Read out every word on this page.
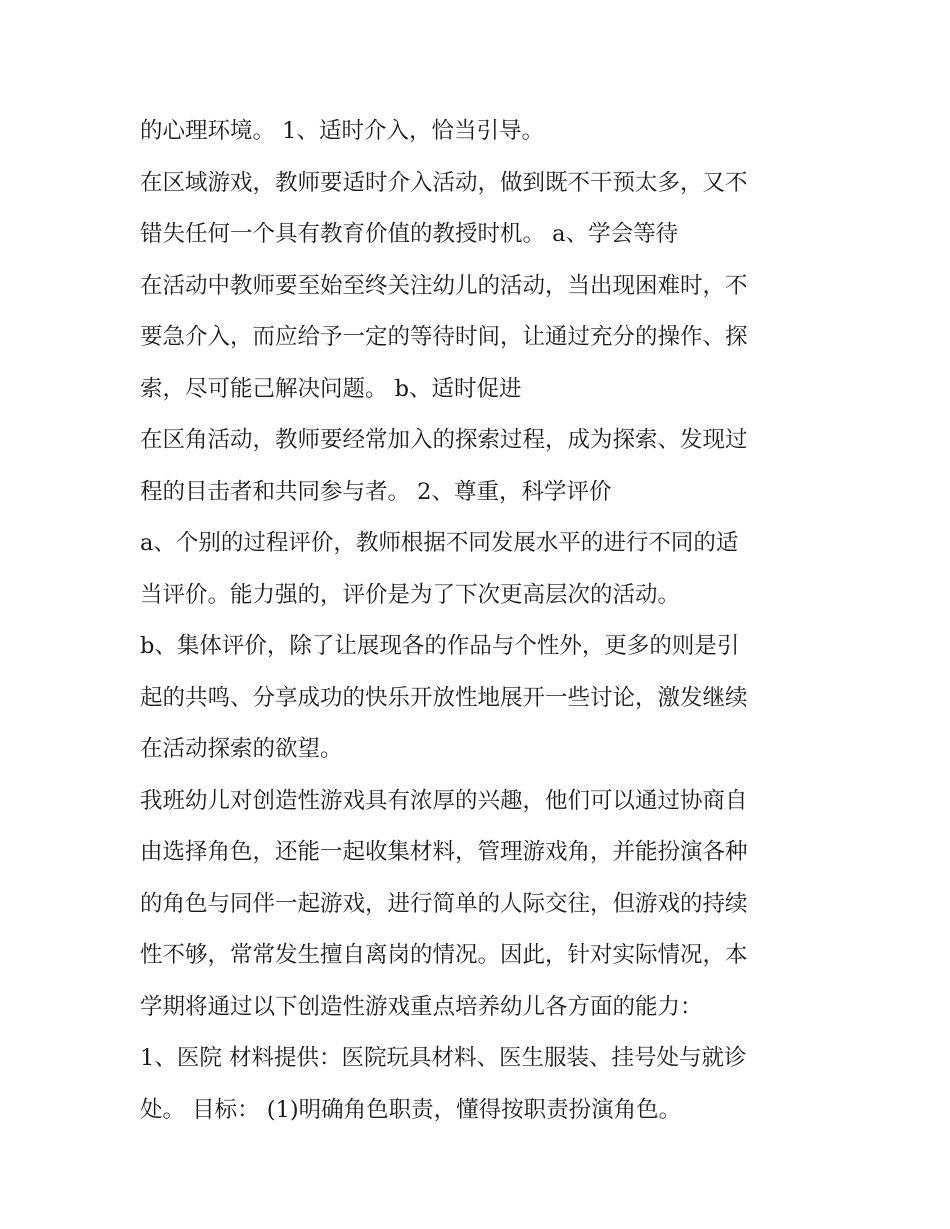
的心理环境。 1、适时介入，恰当引导。
在区域游戏，教师要适时介入活动，做到既不干预太多，又不
错失任何一个具有教育价值的教授时机。 a、学会等待
在活动中教师要至始至终关注幼儿的活动，当出现困难时，不
要急介入，而应给予一定的等待时间，让通过充分的操作、探
索，尽可能己解决问题。 b、适时促进
在区角活动，教师要经常加入的探索过程，成为探索、发现过
程的目击者和共同参与者。 2、尊重，科学评价
a、个别的过程评价，教师根据不同发展水平的进行不同的适
当评价。能力强的，评价是为了下次更高层次的活动。
b、集体评价，除了让展现各的作品与个性外，更多的则是引
起的共鸣、分享成功的快乐开放性地展开一些讨论，激发继续
在活动探索的欲望。
我班幼儿对创造性游戏具有浓厚的兴趣，他们可以通过协商自
由选择角色，还能一起收集材料，管理游戏角，并能扮演各种
的角色与同伴一起游戏，进行简单的人际交往，但游戏的持续
性不够，常常发生擅自离岗的情况。因此，针对实际情况，本
学期将通过以下创造性游戏重点培养幼儿各方面的能力：
1、医院 材料提供：医院玩具材料、医生服装、挂号处与就诊
处。 目标： (1)明确角色职责，懂得按职责扮演角色。
